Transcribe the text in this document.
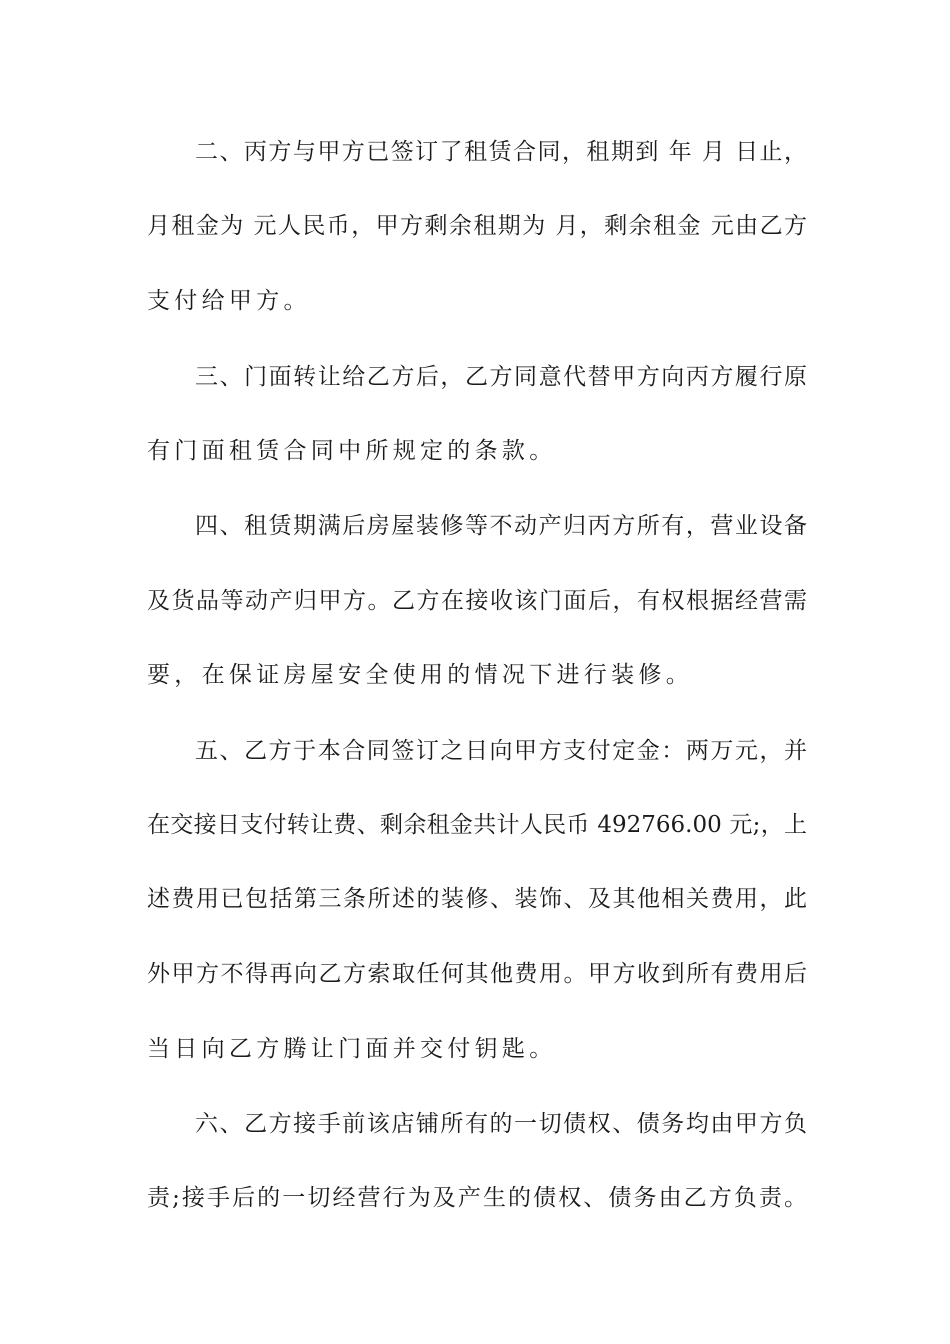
二、丙方与甲方已签订了租赁合同，租期到 年 月 日止，
月租金为 元人民币，甲方剩余租期为 月，剩余租金 元由乙方
支付给甲方。
三、门面转让给乙方后，乙方同意代替甲方向丙方履行原
有门面租赁合同中所规定的条款。
四、租赁期满后房屋装修等不动产归丙方所有，营业设备
及货品等动产归甲方。乙方在接收该门面后，有权根据经营需
要，在保证房屋安全使用的情况下进行装修。
五、乙方于本合同签订之日向甲方支付定金：两万元，并
在交接日支付转让费、剩余租金共计人民币 492766.00 元;，上
述费用已包括第三条所述的装修、装饰、及其他相关费用，此
外甲方不得再向乙方索取任何其他费用。甲方收到所有费用后
当日向乙方腾让门面并交付钥匙。
六、乙方接手前该店铺所有的一切债权、债务均由甲方负
责;接手后的一切经营行为及产生的债权、债务由乙方负责。
